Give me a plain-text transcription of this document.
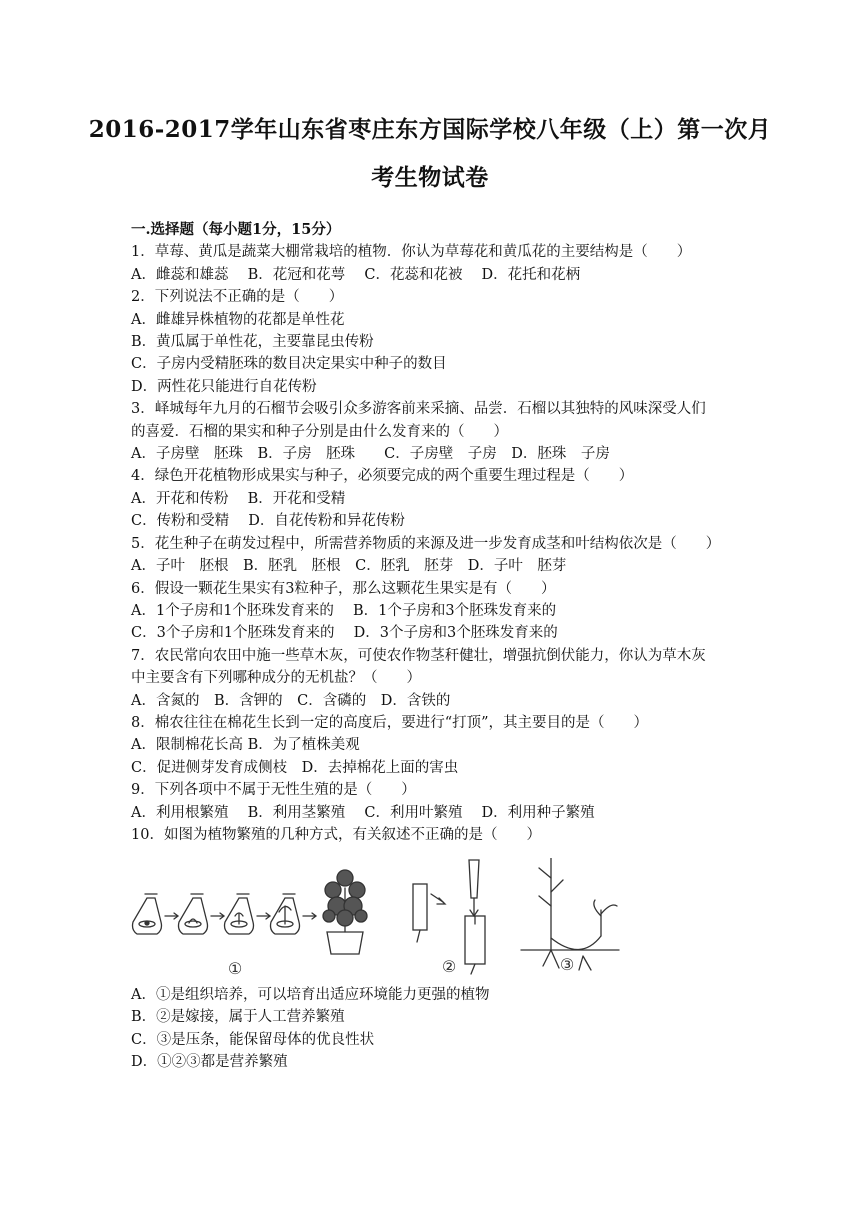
2016-2017学年山东省枣庄东方国际学校八年级（上）第一次月
考生物试卷
一.选择题（每小题1分，15分）
1．草莓、黄瓜是蔬菜大棚常栽培的植物．你认为草莓花和黄瓜花的主要结构是（　　）
A．雌蕊和雄蕊　 B．花冠和花萼　 C．花蕊和花被　 D．花托和花柄
2．下列说法不正确的是（　　）
A．雌雄异株植物的花都是单性花
B．黄瓜属于单性花，主要靠昆虫传粉
C．子房内受精胚珠的数目决定果实中种子的数目
D．两性花只能进行自花传粉
3．峄城每年九月的石榴节会吸引众多游客前来采摘、品尝．石榴以其独特的风味深受人们
的喜爱．石榴的果实和种子分别是由什么发育来的（　　）
A．子房壁　胚珠　B．子房　胚珠　　C．子房壁　子房　D．胚珠　子房
4．绿色开花植物形成果实与种子，必须要完成的两个重要生理过程是（　　）
A．开花和传粉　 B．开花和受精
C．传粉和受精　 D．自花传粉和异花传粉
5．花生种子在萌发过程中，所需营养物质的来源及进一步发育成茎和叶结构依次是（　　）
A．子叶　胚根　B．胚乳　胚根　C．胚乳　胚芽　D．子叶　胚芽
6．假设一颗花生果实有3粒种子，那么这颗花生果实是有（　　）
A．1个子房和1个胚珠发育来的　 B．1个子房和3个胚珠发育来的
C．3个子房和1个胚珠发育来的　 D．3个子房和3个胚珠发育来的
7．农民常向农田中施一些草木灰，可使农作物茎秆健壮，增强抗倒伏能力，你认为草木灰
中主要含有下列哪种成分的无机盐？（　　）
A．含氮的　B．含钾的　C．含磷的　D．含铁的
8．棉农往往在棉花生长到一定的高度后，要进行“打顶”，其主要目的是（　　）
A．限制棉花长高 B．为了植株美观
C．促进侧芽发育成侧枝　D．去掉棉花上面的害虫
9．下列各项中不属于无性生殖的是（　　）
A．利用根繁殖　 B．利用茎繁殖　 C．利用叶繁殖　 D．利用种子繁殖
10．如图为植物繁殖的几种方式，有关叙述不正确的是（　　）
①	②	③
A．①是组织培养，可以培育出适应环境能力更强的植物
B．②是嫁接，属于人工营养繁殖
C．③是压条，能保留母体的优良性状
D．①②③都是营养繁殖
